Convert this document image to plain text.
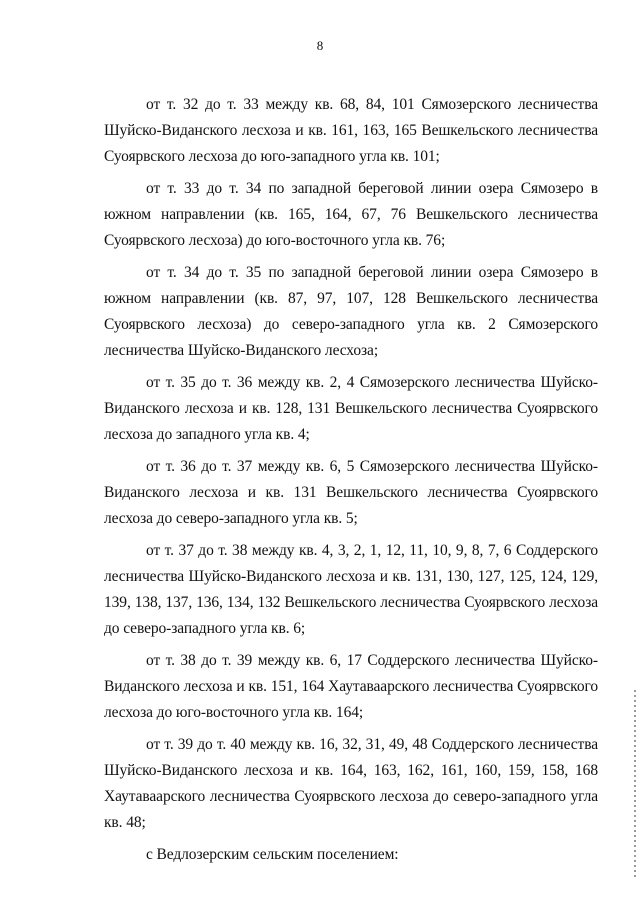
8

от т. 32 до т. 33 между кв. 68, 84, 101 Сямозерского лесничества Шуйско-Виданского лесхоза и кв. 161, 163, 165 Вешкельского лесничества Суоярвского лесхоза до юго-западного угла кв. 101;

от т. 33 до т. 34 по западной береговой линии озера Сямозеро в южном направлении (кв. 165, 164, 67, 76 Вешкельского лесничества Суоярвского лесхоза) до юго-восточного угла кв. 76;

от т. 34 до т. 35 по западной береговой линии озера Сямозеро в южном направлении (кв. 87, 97, 107, 128 Вешкельского лесничества Суоярвского лесхоза) до северо-западного угла кв. 2 Сямозерского лесничества Шуйско-Виданского лесхоза;

от т. 35 до т. 36 между кв. 2, 4 Сямозерского лесничества Шуйско-Виданского лесхоза и кв. 128, 131 Вешкельского лесничества Суоярвского лесхоза до западного угла кв. 4;

от т. 36 до т. 37 между кв. 6, 5 Сямозерского лесничества Шуйско-Виданского лесхоза и кв. 131 Вешкельского лесничества Суоярвского лесхоза до северо-западного угла кв. 5;

от т. 37 до т. 38 между кв. 4, 3, 2, 1, 12, 11, 10, 9, 8, 7, 6 Соддерского лесничества Шуйско-Виданского лесхоза и кв. 131, 130, 127, 125, 124, 129, 139, 138, 137, 136, 134, 132 Вешкельского лесничества Суоярвского лесхоза до северо-западного угла кв. 6;

от т. 38 до т. 39 между кв. 6, 17 Соддерского лесничества Шуйско-Виданского лесхоза и кв. 151, 164 Хаутаваарского лесничества Суоярвского лесхоза до юго-восточного угла кв. 164;

от т. 39 до т. 40 между кв. 16, 32, 31, 49, 48 Соддерского лесничества Шуйско-Виданского лесхоза и кв. 164, 163, 162, 161, 160, 159, 158, 168 Хаутаваарского лесничества Суоярвского лесхоза до северо-западного угла кв. 48;

с Ведлозерским сельским поселением:
